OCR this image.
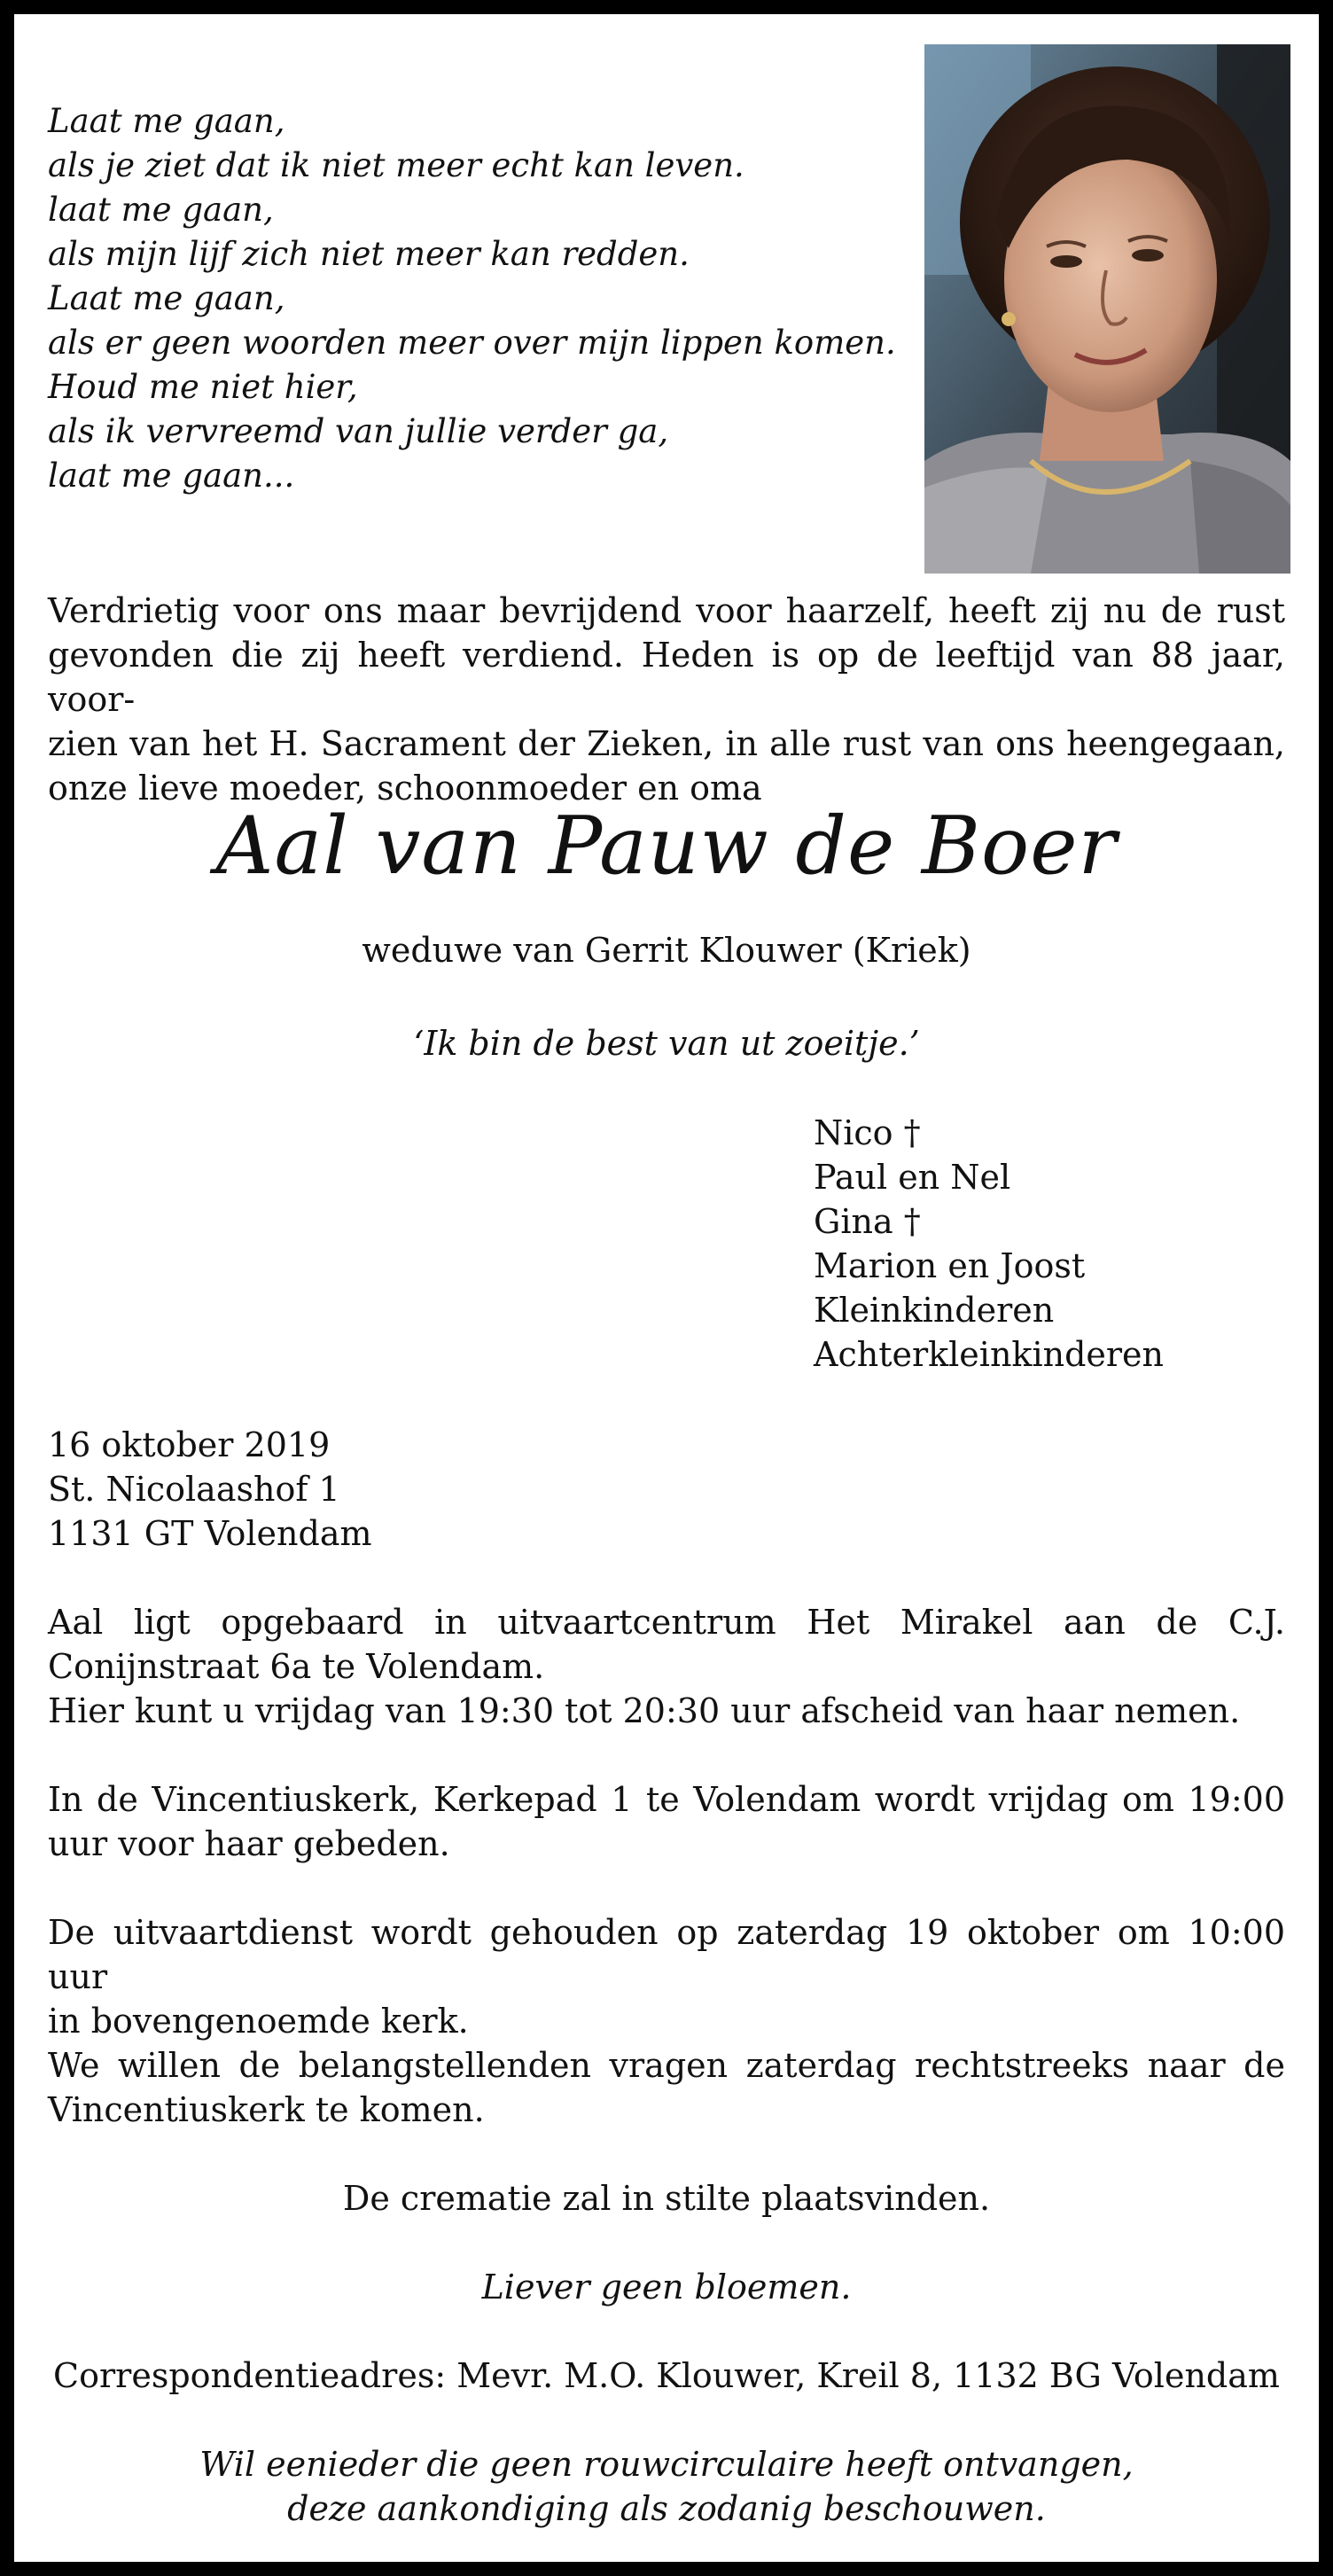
Laat me gaan,
als je ziet dat ik niet meer echt kan leven.
laat me gaan,
als mijn lijf zich niet meer kan redden.
Laat me gaan,
als er geen woorden meer over mijn lippen komen.
Houd me niet hier,
als ik vervreemd van jullie verder ga,
laat me gaan...
Verdrietig voor ons maar bevrijdend voor haarzelf, heeft zij nu de rust
gevonden die zij heeft verdiend. Heden is op de leeftijd van 88 jaar, voor-
zien van het H. Sacrament der Zieken, in alle rust van ons heengegaan,
onze lieve moeder, schoonmoeder en oma
Aal van Pauw de Boer
weduwe van Gerrit Klouwer (Kriek)
‘Ik bin de best van ut zoeitje.’
Nico †
Paul en Nel
Gina †
Marion en Joost
Kleinkinderen
Achterkleinkinderen
16 oktober 2019
St. Nicolaashof 1
1131 GT Volendam
Aal ligt opgebaard in uitvaartcentrum Het Mirakel aan de C.J.
Conijnstraat 6a te Volendam.
Hier kunt u vrijdag van 19:30 tot 20:30 uur afscheid van haar nemen.
In de Vincentiuskerk, Kerkepad 1 te Volendam wordt vrijdag om 19:00
uur voor haar gebeden.
De uitvaartdienst wordt gehouden op zaterdag 19 oktober om 10:00 uur
in bovengenoemde kerk.
We willen de belangstellenden vragen zaterdag rechtstreeks naar de
Vincentiuskerk te komen.
De crematie zal in stilte plaatsvinden.
Liever geen bloemen.
Correspondentieadres: Mevr. M.O. Klouwer, Kreil 8, 1132 BG Volendam
Wil eenieder die geen rouwcirculaire heeft ontvangen,
deze aankondiging als zodanig beschouwen.
